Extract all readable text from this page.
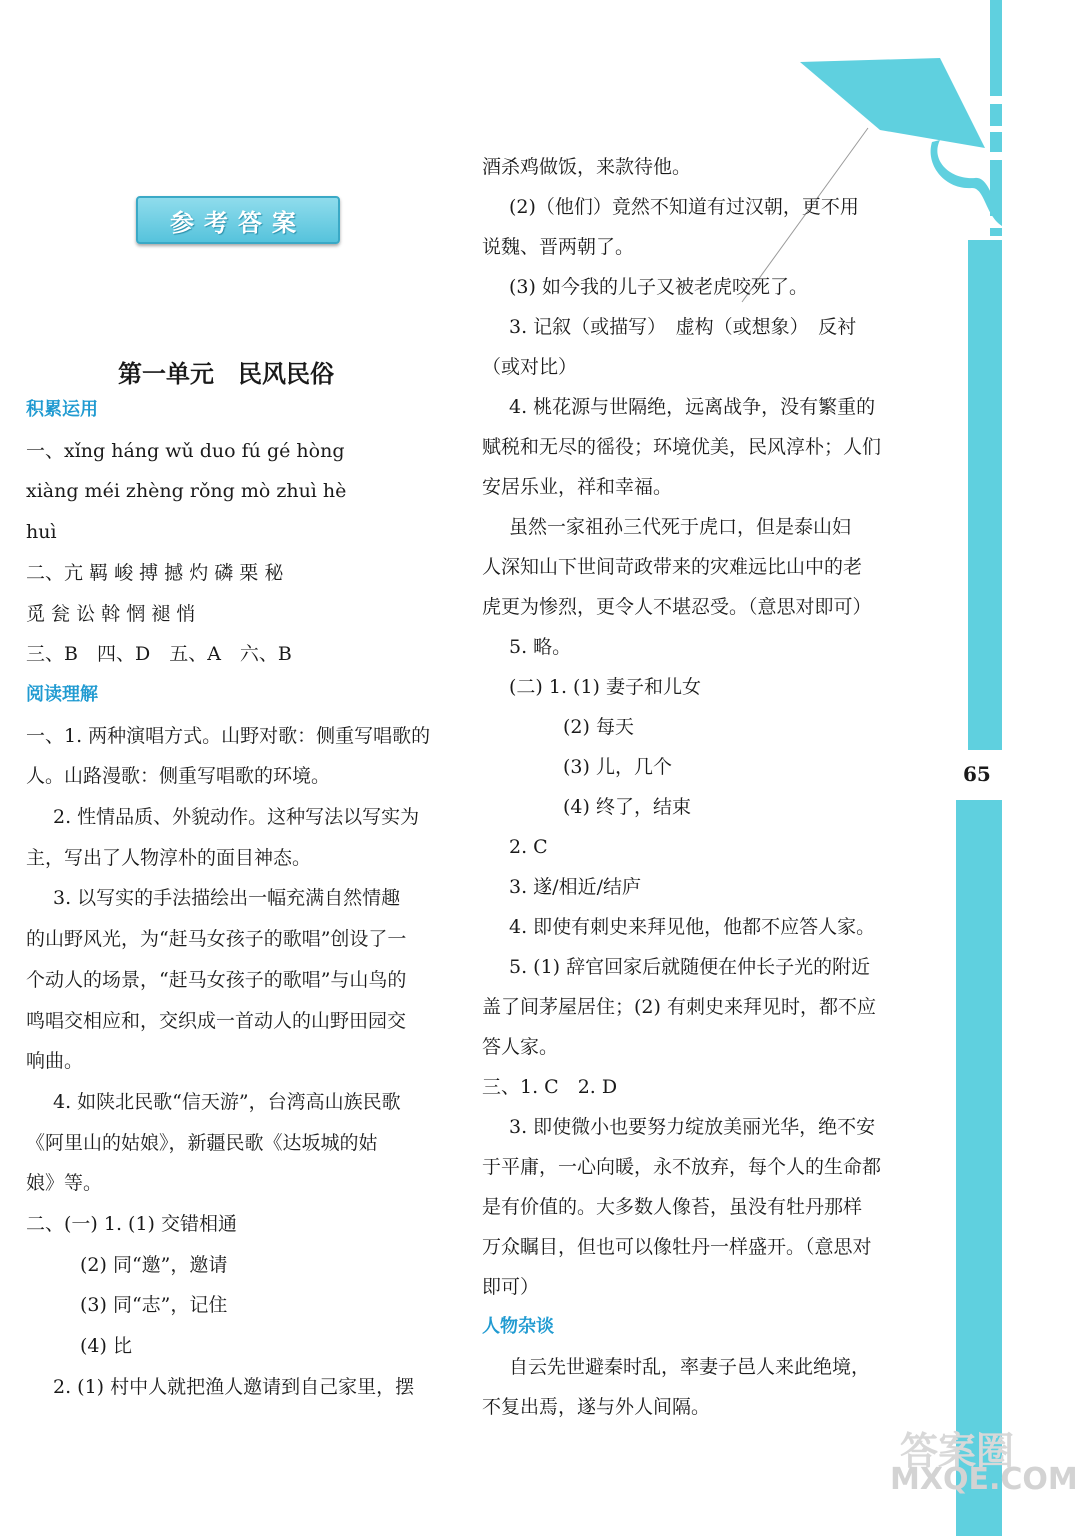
参考答案
第一单元　民风民俗
65
答案圈
MXQE.COM
积累运用
一、xǐng háng wǔ duo fú gé hòng
xiàng méi zhèng rǒng mò zhuì hè
huì
二、亢 羁 峻 搏 撼 灼 磷 栗 秘
觅 瓮 讼 斡 惘 褪 悄
三、B　四、D　五、A　六、B
阅读理解
一、1. 两种演唱方式。山野对歌：侧重写唱歌的
人。山路漫歌：侧重写唱歌的环境。
2. 性情品质、外貌动作。这种写法以写实为
主，写出了人物淳朴的面目神态。
3. 以写实的手法描绘出一幅充满自然情趣
的山野风光，为“赶马女孩子的歌唱”创设了一
个动人的场景，“赶马女孩子的歌唱”与山鸟的
鸣唱交相应和，交织成一首动人的山野田园交
响曲。
4. 如陕北民歌“信天游”，台湾高山族民歌
《阿里山的姑娘》，新疆民歌《达坂城的姑
娘》等。
二、(一) 1. (1) 交错相通
(2) 同“邀”，邀请
(3) 同“志”，记住
(4) 比
2. (1) 村中人就把渔人邀请到自己家里，摆
酒杀鸡做饭，来款待他。
(2)（他们）竟然不知道有过汉朝，更不用
说魏、晋两朝了。
(3) 如今我的儿子又被老虎咬死了。
3. 记叙（或描写）　虚构（或想象）　反衬
（或对比）
4. 桃花源与世隔绝，远离战争，没有繁重的
赋税和无尽的徭役；环境优美，民风淳朴；人们
安居乐业，祥和幸福。
虽然一家祖孙三代死于虎口，但是泰山妇
人深知山下世间苛政带来的灾难远比山中的老
虎更为惨烈，更令人不堪忍受。（意思对即可）
5. 略。
(二) 1. (1) 妻子和儿女
(2) 每天
(3) 儿，几个
(4) 终了，结束
2. C
3. 遂/相近/结庐
4. 即使有刺史来拜见他，他都不应答人家。
5. (1) 辞官回家后就随便在仲长子光的附近
盖了间茅屋居住；(2) 有刺史来拜见时，都不应
答人家。
三、1. C　2. D
3. 即使微小也要努力绽放美丽光华，绝不安
于平庸，一心向暖，永不放弃，每个人的生命都
是有价值的。大多数人像苔，虽没有牡丹那样
万众瞩目，但也可以像牡丹一样盛开。（意思对
即可）
人物杂谈
自云先世避秦时乱，率妻子邑人来此绝境，
不复出焉，遂与外人间隔。
